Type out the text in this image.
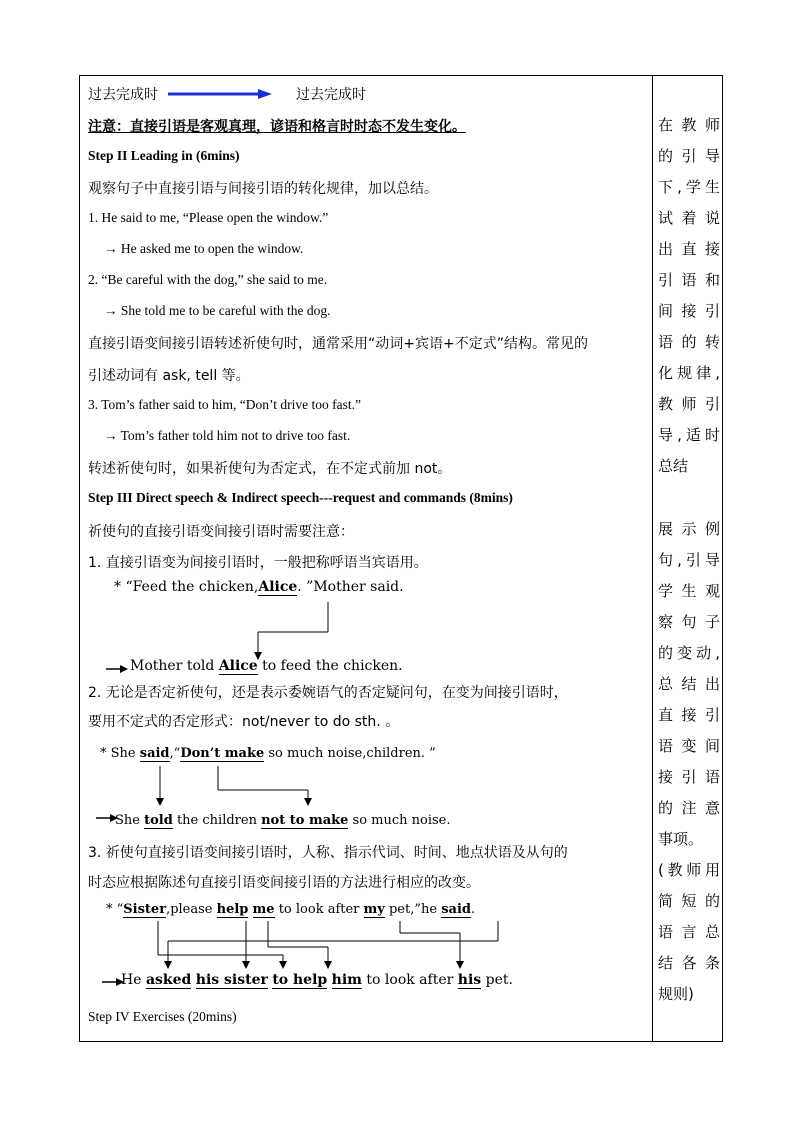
过去完成时	过去完成时
注意：直接引语是客观真理，谚语和格言时时态不发生变化。
Step II Leading in (6mins)
观察句子中直接引语与间接引语的转化规律，加以总结。
1. He said to me, “Please open the window.”
→ He asked me to open the window.
2. “Be careful with the dog,” she said to me.
→ She told me to be careful with the dog.
直接引语变间接引语转述祈使句时，通常采用“动词+宾语+不定式”结构。常见的
引述动词有 ask, tell 等。
3. Tom’s father said to him, “Don’t drive too fast.”
→ Tom’s father told him not to drive too fast.
转述祈使句时，如果祈使句为否定式，在不定式前加 not。
Step III Direct speech & Indirect speech---request and commands (8mins)
祈使句的直接引语变间接引语时需要注意：
1. 直接引语变为间接引语时，一般把称呼语当宾语用。
* “Feed the chicken,Alice. ”Mother said.
Mother told Alice to feed the chicken.
2. 无论是否定祈使句，还是表示委婉语气的否定疑问句，在变为间接引语时，
要用不定式的否定形式：not/never to do sth. 。
* She said,“Don’t make so much noise,children. ”
She told the children not to make so much noise.
3. 祈使句直接引语变间接引语时，人称、指示代词、时间、地点状语及从句的
时态应根据陈述句直接引语变间接引语的方法进行相应的改变。
* “Sister,please help me to look after my pet,”he said.
He asked his sister to help him to look after his pet.
Step IV Exercises (20mins)
在教师
的引导
下,学生
试着说
出直接
引语和
间接引
语的转
化规律,
教师引
导,适时
总结
展示例
句,引导
学生观
察句子
的变动,
总结出
直接引
语变间
接引语
的注意
事项。
(教师用
简短的
语言总
结各条
规则)
